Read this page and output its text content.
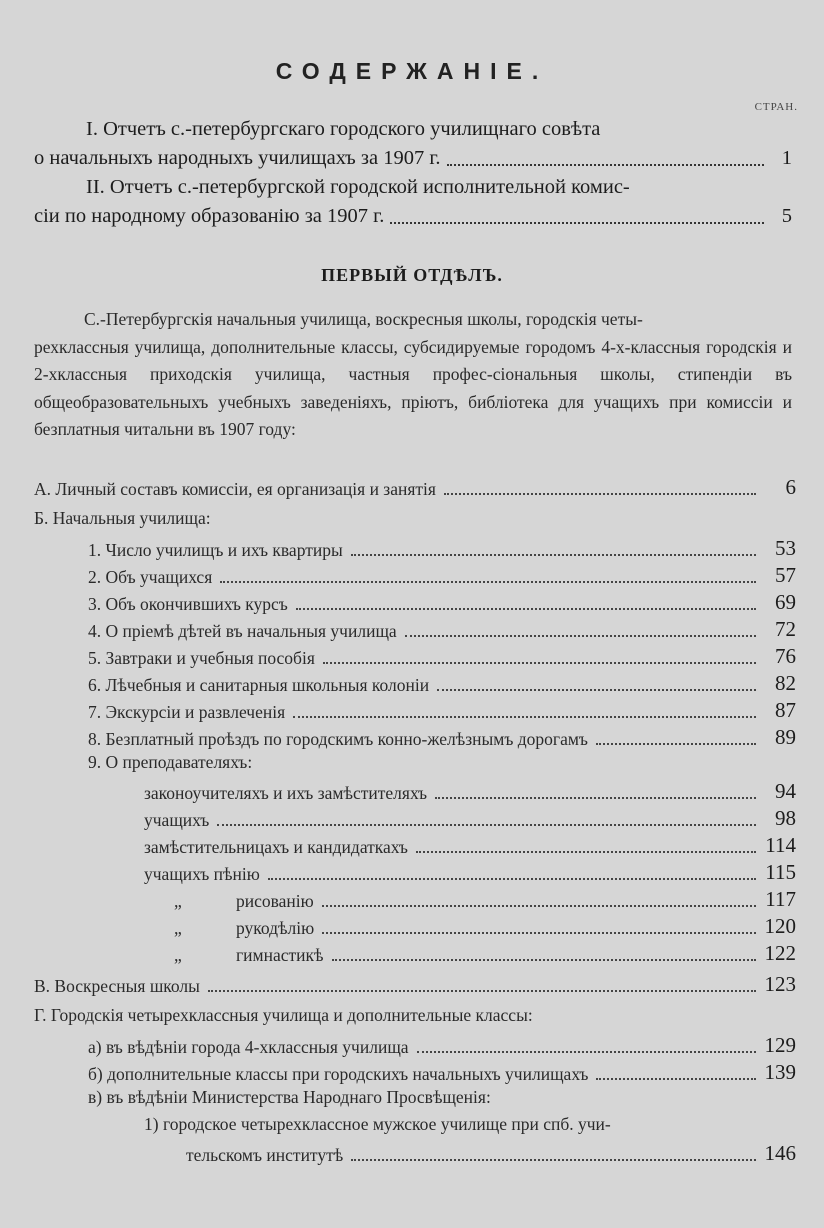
СОДЕРЖАНІЕ.
СТРАН.
I. Отчетъ с.-петербургскаго городского училищнаго совѣта
о начальныхъ народныхъ училищахъ за 1907 г.	1
II. Отчетъ с.-петербургской городской исполнительной комис-
сіи по народному образованію за 1907 г.	5
ПЕРВЫЙ ОТДѢЛЪ.
С.-Петербургскія начальныя училища, воскресныя школы, городскія четы-
рехклассныя училища, дополнительные классы, субсидируемые городомъ 4-х-классныя городскія и 2-хклассныя приходскія училища, частныя профес-сіональныя школы, стипендіи въ общеобразовательныхъ учебныхъ заведеніяхъ, пріютъ, библіотека для учащихъ при комиссіи и безплатныя читальни въ 1907 году:
А. Личный составъ комиссіи, ея организація и занятія	6
Б. Начальныя училища:
1. Число училищъ и ихъ квартиры	53
2. Объ учащихся	57
3. Объ окончившихъ курсъ	69
4. О пріемѣ дѣтей въ начальныя училища	72
5. Завтраки и учебныя пособія	76
6. Лѣчебныя и санитарныя школьныя колоніи	82
7. Экскурсіи и развлеченія	87
8. Безплатный проѣздъ по городскимъ конно-желѣзнымъ дорогамъ	89
9. О преподавателяхъ:
законоучителяхъ и ихъ замѣстителяхъ	94
учащихъ	98
замѣстительницахъ и кандидаткахъ	114
учащихъ пѣнію	115
„	рисованію	117
„	рукодѣлію	120
„	гимнастикѣ	122
В. Воскресныя школы	123
Г. Городскія четырехклассныя училища и дополнительные классы:
а) въ вѣдѣніи города 4-хклассныя училища	129
б) дополнительные классы при городскихъ начальныхъ училищахъ	139
в) въ вѣдѣніи Министерства Народнаго Просвѣщенія:
1) городское четырехклассное мужское училище при спб. учи-
тельскомъ институтѣ	146
